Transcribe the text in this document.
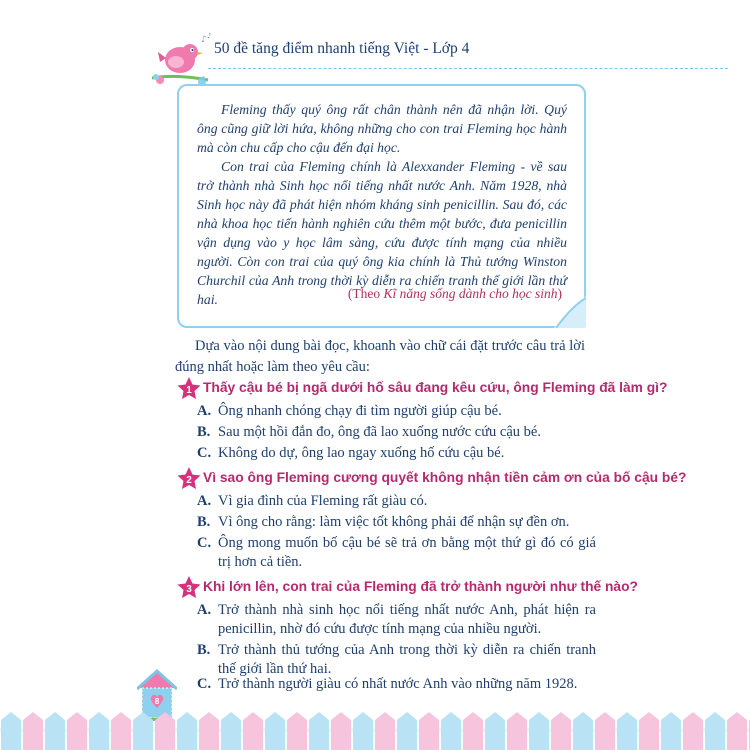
♪ ♪
50 đề tăng điểm nhanh tiếng Việt - Lớp 4

Fleming thấy quý ông rất chân thành nên đã nhận lời. Quý ông cũng giữ lời hứa, không những cho con trai Fleming học hành mà còn chu cấp cho cậu đến đại học.

Con trai của Fleming chính là Alexxander Fleming - về sau trở thành nhà Sinh học nổi tiếng nhất nước Anh. Năm 1928, nhà Sinh học này đã phát hiện nhóm kháng sinh penicillin. Sau đó, các nhà khoa học tiến hành nghiên cứu thêm một bước, đưa penicillin vận dụng vào y học lâm sàng, cứu được tính mạng của nhiều người. Còn con trai của quý ông kia chính là Thủ tướng Winston Churchil của Anh trong thời kỳ diễn ra chiến tranh thế giới lần thứ hai.	(Theo Kĩ năng sống dành cho học sinh)
Dựa vào nội dung bài đọc, khoanh vào chữ cái đặt trước câu trả lời đúng nhất hoặc làm theo yêu cầu:
1 Thấy cậu bé bị ngã dưới hố sâu đang kêu cứu, ông Fleming đã làm gì?
A. Ông nhanh chóng chạy đi tìm người giúp cậu bé.
B. Sau một hồi đắn đo, ông đã lao xuống nước cứu cậu bé.
C. Không do dự, ông lao ngay xuống hố cứu cậu bé.
2 Vì sao ông Fleming cương quyết không nhận tiền cảm ơn của bố cậu bé?
A. Vì gia đình của Fleming rất giàu có.
B. Vì ông cho rằng: làm việc tốt không phải để nhận sự đền ơn.
C. Ông mong muốn bố cậu bé sẽ trả ơn bằng một thứ gì đó có giá trị hơn cả tiền.
3 Khi lớn lên, con trai của Fleming đã trở thành người như thế nào?
A. Trở thành nhà sinh học nổi tiếng nhất nước Anh, phát hiện ra penicillin, nhờ đó cứu được tính mạng của nhiều người.
B. Trở thành thủ tướng của Anh trong thời kỳ diễn ra chiến tranh thế giới lần thứ hai.
C. Trở thành người giàu có nhất nước Anh vào những năm 1928.
8
